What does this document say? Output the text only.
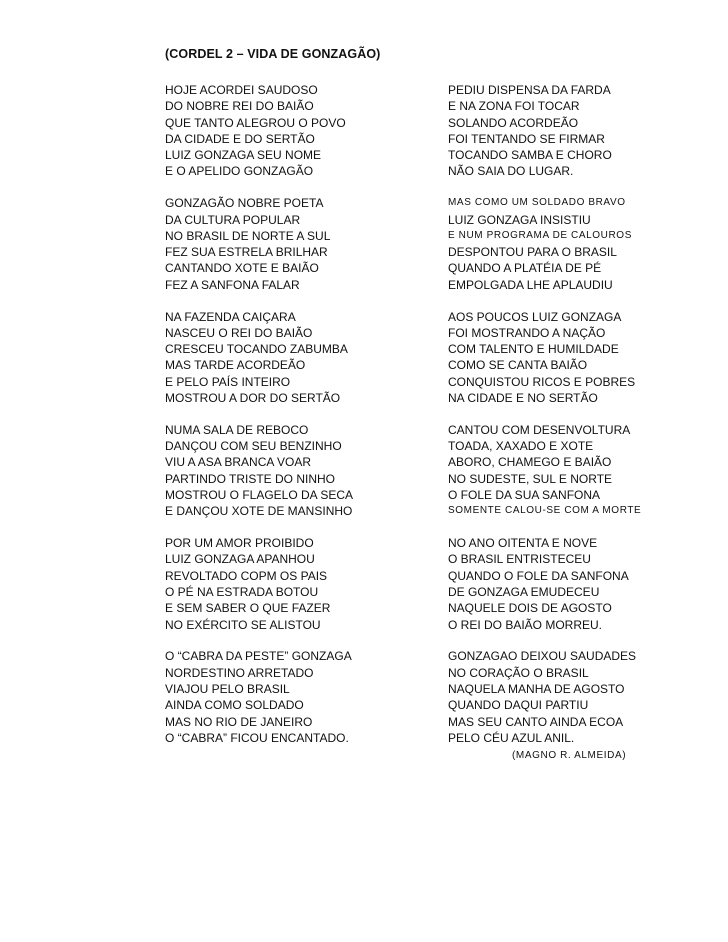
(CORDEL 2 – VIDA DE GONZAGÃO)
HOJE ACORDEI SAUDOSO
DO NOBRE REI DO BAIÃO
QUE TANTO ALEGROU O POVO
DA CIDADE E DO SERTÃO
LUIZ GONZAGA SEU NOME
E O APELIDO GONZAGÃO
GONZAGÃO NOBRE POETA
DA CULTURA POPULAR
NO BRASIL DE NORTE A SUL
FEZ SUA ESTRELA BRILHAR
CANTANDO XOTE E BAIÃO
FEZ A SANFONA FALAR
NA FAZENDA CAIÇARA
NASCEU O REI DO BAIÃO
CRESCEU TOCANDO ZABUMBA
MAS TARDE ACORDEÃO
E PELO PAÍS INTEIRO
MOSTROU A DOR DO SERTÃO
NUMA SALA DE REBOCO
DANÇOU COM SEU BENZINHO
VIU A ASA BRANCA VOAR
PARTINDO TRISTE DO NINHO
MOSTROU O FLAGELO DA SECA
E DANÇOU XOTE DE MANSINHO
POR UM AMOR PROIBIDO
LUIZ GONZAGA APANHOU
REVOLTADO COPM OS PAIS
O PÉ NA ESTRADA BOTOU
E SEM SABER O QUE FAZER
NO EXÉRCITO SE ALISTOU
O “CABRA DA PESTE” GONZAGA
NORDESTINO ARRETADO
VIAJOU PELO BRASIL
AINDA COMO SOLDADO
MAS NO RIO DE JANEIRO
O “CABRA” FICOU ENCANTADO.
PEDIU DISPENSA DA FARDA
E NA ZONA FOI TOCAR
SOLANDO ACORDEÃO
FOI TENTANDO SE FIRMAR
TOCANDO SAMBA E CHORO
NÃO SAIA DO LUGAR.
MAS COMO UM SOLDADO BRAVO
LUIZ GONZAGA INSISTIU
E NUM PROGRAMA DE CALOUROS
DESPONTOU PARA O BRASIL
QUANDO A PLATÉIA DE PÉ
EMPOLGADA LHE APLAUDIU
AOS POUCOS LUIZ GONZAGA
FOI MOSTRANDO A NAÇÃO
COM TALENTO E HUMILDADE
COMO SE CANTA BAIÃO
CONQUISTOU RICOS E POBRES
NA CIDADE E NO SERTÃO
CANTOU COM DESENVOLTURA
TOADA, XAXADO E XOTE
ABORO, CHAMEGO E BAIÃO
NO SUDESTE, SUL E NORTE
O FOLE DA SUA SANFONA
SOMENTE CALOU-SE COM A MORTE
NO ANO OITENTA E NOVE
O BRASIL ENTRISTECEU
QUANDO O FOLE DA SANFONA
DE GONZAGA EMUDECEU
NAQUELE DOIS DE AGOSTO
O REI DO BAIÃO MORREU.
GONZAGAO DEIXOU SAUDADES
NO CORAÇÃO O BRASIL
NAQUELA MANHA DE AGOSTO
QUANDO DAQUI PARTIU
MAS SEU CANTO AINDA ECOA
PELO CÉU AZUL ANIL.
(MAGNO R. ALMEIDA)
